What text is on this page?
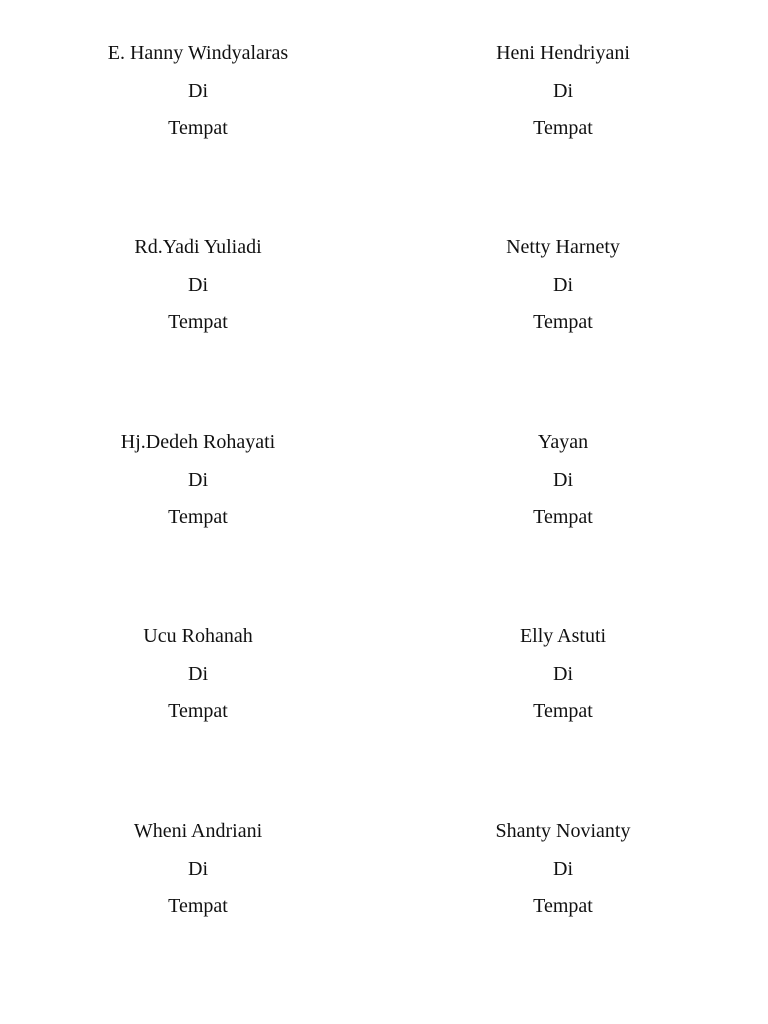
E. Hanny Windyalaras
Di
Tempat
Heni Hendriyani
Di
Tempat
Rd.Yadi Yuliadi
Di
Tempat
Netty Harnety
Di
Tempat
Hj.Dedeh Rohayati
Di
Tempat
Yayan
Di
Tempat
Ucu Rohanah
Di
Tempat
Elly Astuti
Di
Tempat
Wheni Andriani
Di
Tempat
Shanty Novianty
Di
Tempat
